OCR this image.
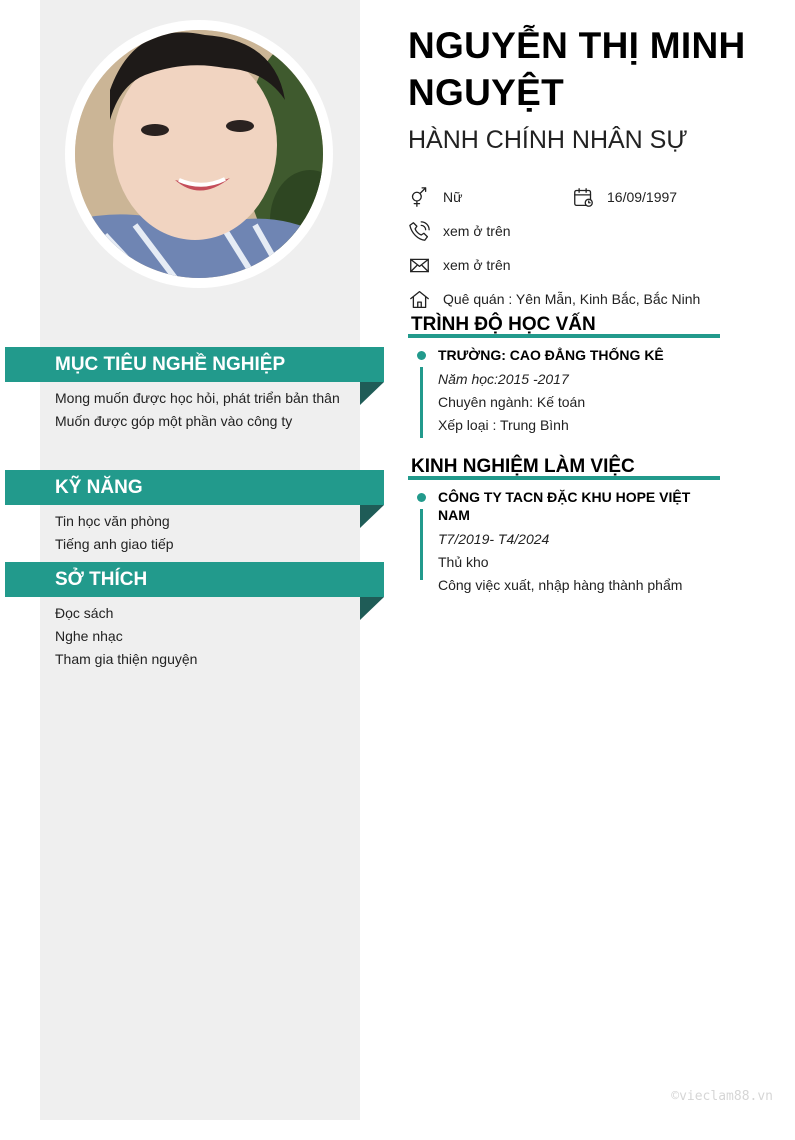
MỤC TIÊU NGHỀ NGHIỆP
Mong muốn được học hỏi, phát triển bản thân
Muốn được góp một phần vào công ty
KỸ NĂNG
Tin học văn phòng
Tiếng anh giao tiếp
SỞ THÍCH
Đọc sách
Nghe nhạc
Tham gia thiện nguyện
NGUYỄN THỊ MINH NGUYỆT
HÀNH CHÍNH NHÂN SỰ
Nữ	16/09/1997
xem ở trên
xem ở trên
Quê quán : Yên Mẫn, Kinh Bắc, Bắc Ninh
TRÌNH ĐỘ HỌC VẤN
TRƯỜNG: CAO ĐẲNG THỐNG KÊ
Năm học:2015 -2017
Chuyên ngành: Kế toán
Xếp loại : Trung Bình
KINH NGHIỆM LÀM VIỆC
CÔNG TY TACN ĐẶC KHU HOPE VIỆT NAM
T7/2019- T4/2024
Thủ kho
Công việc xuất, nhập hàng thành phẩm
©vieclam88.vn
